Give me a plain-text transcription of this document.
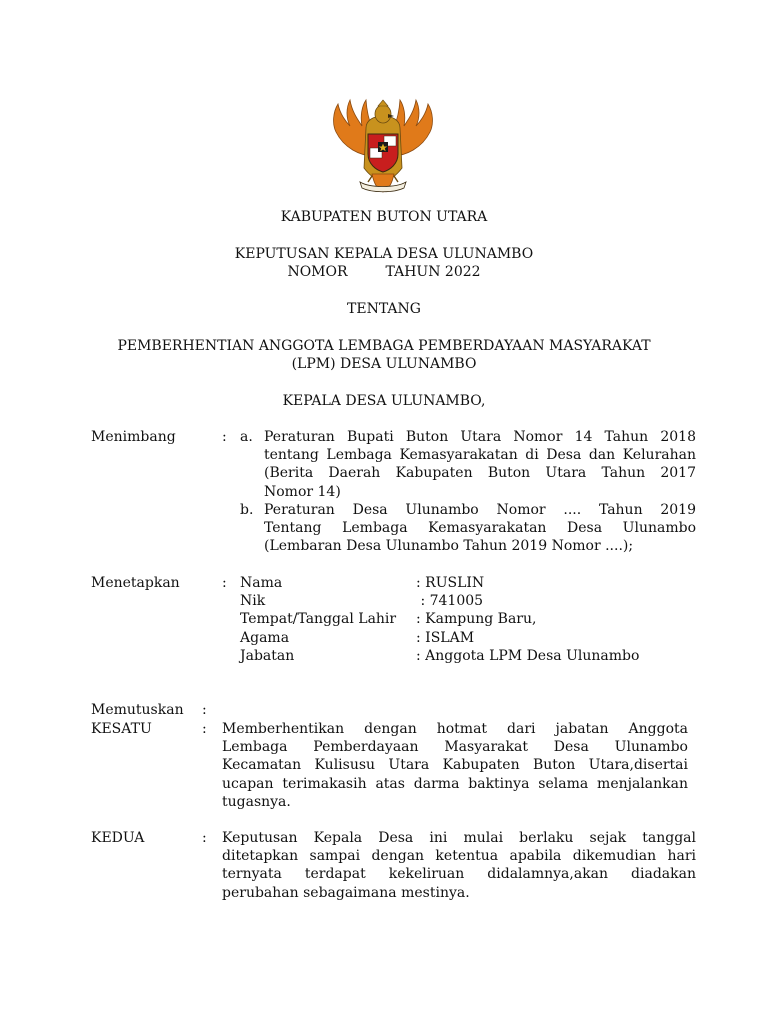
KABUPATEN BUTON UTARA
KEPUTUSAN KEPALA DESA ULUNAMBO
NOMOR	TAHUN 2022
TENTANG
PEMBERHENTIAN ANGGOTA LEMBAGA PEMBERDAYAAN MASYARAKAT
(LPM) DESA ULUNAMBO
KEPALA DESA ULUNAMBO,
Menimbang	: a. Peraturan Bupati Buton Utara Nomor 14 Tahun 2018
tentang Lembaga Kemasyarakatan di Desa dan Kelurahan
(Berita Daerah Kabupaten Buton Utara Tahun 2017
Nomor 14)
b. Peraturan Desa Ulunambo Nomor .... Tahun 2019
Tentang Lembaga Kemasyarakatan Desa Ulunambo
(Lembaran Desa Ulunambo Tahun 2019 Nomor ....);
Menetapkan	: Nama	: RUSLIN
Nik	: 741005
Tempat/Tanggal Lahir : Kampung Baru,
Agama	: ISLAM
Jabatan	: Anggota LPM Desa Ulunambo
Memutuskan :
KESATU	: Memberhentikan dengan hotmat dari jabatan Anggota
Lembaga Pemberdayaan Masyarakat Desa Ulunambo
Kecamatan Kulisusu Utara Kabupaten Buton Utara,disertai
ucapan terimakasih atas darma baktinya selama menjalankan
tugasnya.
KEDUA	: Keputusan Kepala Desa ini mulai berlaku sejak tanggal
ditetapkan sampai dengan ketentua apabila dikemudian hari
ternyata terdapat kekeliruan didalamnya,akan diadakan
perubahan sebagaimana mestinya.
